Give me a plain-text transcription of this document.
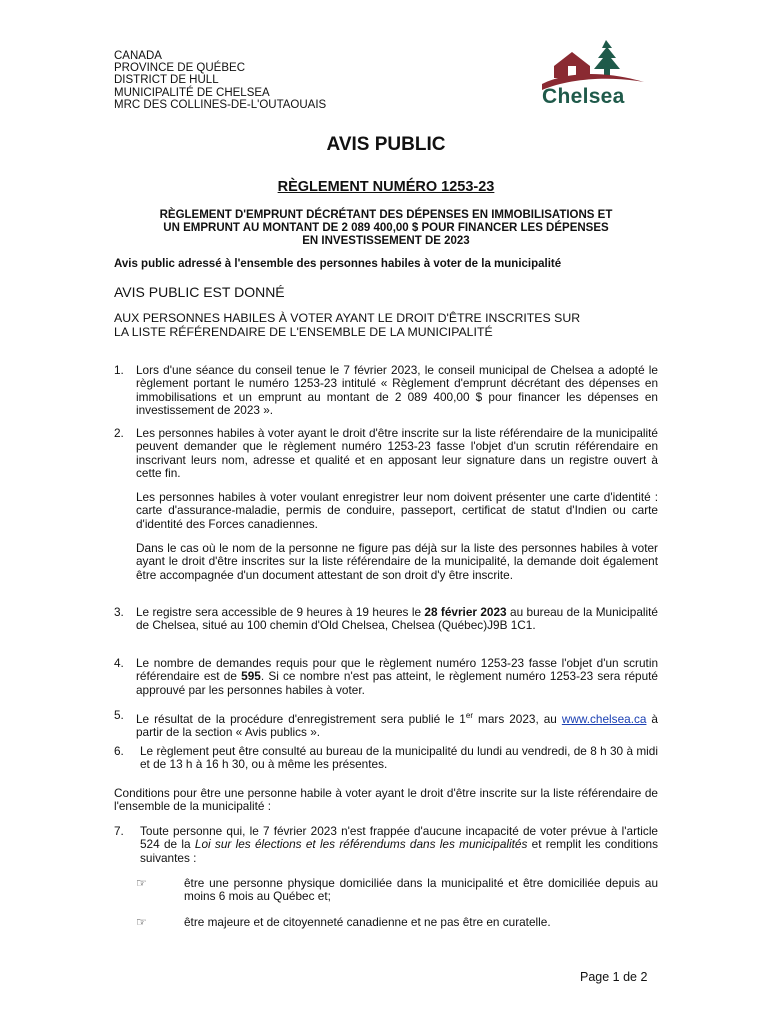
CANADA
PROVINCE DE QUÉBEC
DISTRICT DE HULL
MUNICIPALITÉ DE CHELSEA
MRC DES COLLINES-DE-L'OUTAOUAIS	Chelsea
AVIS PUBLIC
RÈGLEMENT NUMÉRO 1253-23
RÈGLEMENT D'EMPRUNT DÉCRÉTANT DES DÉPENSES EN IMMOBILISATIONS ET
UN EMPRUNT AU MONTANT DE 2 089 400,00 $ POUR FINANCER LES DÉPENSES
EN INVESTISSEMENT DE 2023
Avis public adressé à l'ensemble des personnes habiles à voter de la municipalité
AVIS PUBLIC EST DONNÉ
AUX PERSONNES HABILES À VOTER AYANT LE DROIT D'ÊTRE INSCRITES SUR
LA LISTE RÉFÉRENDAIRE DE L'ENSEMBLE DE LA MUNICIPALITÉ
1. Lors d'une séance du conseil tenue le 7 février 2023, le conseil municipal de Chelsea a adopté le règlement portant le numéro 1253-23 intitulé « Règlement d'emprunt décrétant des dépenses en immobilisations et un emprunt au montant de 2 089 400,00 $ pour financer les dépenses en investissement de 2023 ».
2. Les personnes habiles à voter ayant le droit d'être inscrite sur la liste référendaire de la municipalité peuvent demander que le règlement numéro 1253-23 fasse l'objet d'un scrutin référendaire en inscrivant leurs nom, adresse et qualité et en apposant leur signature dans un registre ouvert à cette fin.
Les personnes habiles à voter voulant enregistrer leur nom doivent présenter une carte d'identité : carte d'assurance-maladie, permis de conduire, passeport, certificat de statut d'Indien ou carte d'identité des Forces canadiennes.
Dans le cas où le nom de la personne ne figure pas déjà sur la liste des personnes habiles à voter ayant le droit d'être inscrites sur la liste référendaire de la municipalité, la demande doit également être accompagnée d'un document attestant de son droit d'y être inscrite.
3. Le registre sera accessible de 9 heures à 19 heures le 28 février 2023 au bureau de la Municipalité de Chelsea, situé au 100 chemin d'Old Chelsea, Chelsea (Québec)J9B 1C1.
4. Le nombre de demandes requis pour que le règlement numéro 1253-23 fasse l'objet d'un scrutin référendaire est de 595. Si ce nombre n'est pas atteint, le règlement numéro 1253-23 sera réputé approuvé par les personnes habiles à voter.
5. Le résultat de la procédure d'enregistrement sera publié le 1er mars 2023, au www.chelsea.ca à partir de la section « Avis publics ».
6. Le règlement peut être consulté au bureau de la municipalité du lundi au vendredi, de 8 h 30 à midi et de 13 h à 16 h 30, ou à même les présentes.
Conditions pour être une personne habile à voter ayant le droit d'être inscrite sur la liste référendaire de l'ensemble de la municipalité :
7. Toute personne qui, le 7 février 2023 n'est frappée d'aucune incapacité de voter prévue à l'article 524 de la Loi sur les élections et les référendums dans les municipalités et remplit les conditions suivantes :
☞	être une personne physique domiciliée dans la municipalité et être domiciliée depuis au moins 6 mois au Québec et;
☞	être majeure et de citoyenneté canadienne et ne pas être en curatelle.
Page 1 de 2
